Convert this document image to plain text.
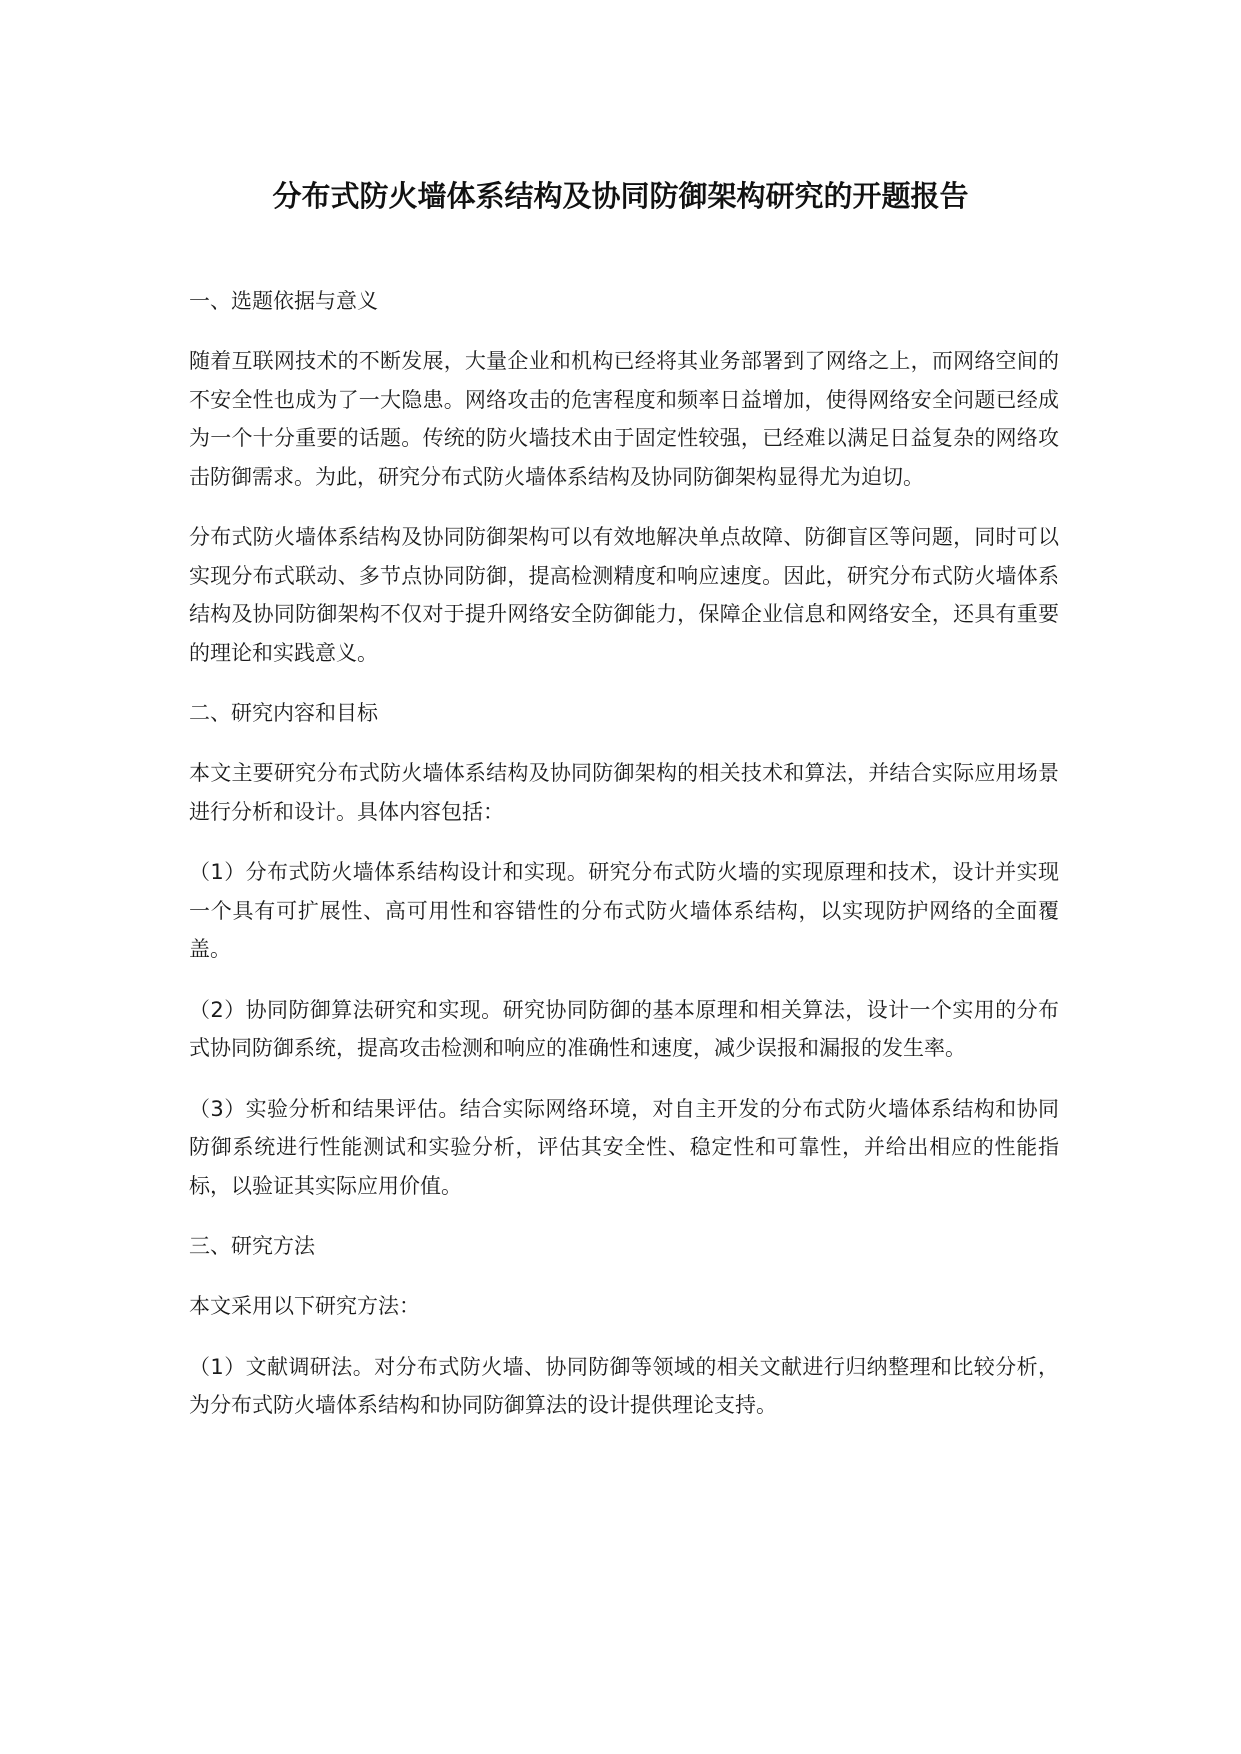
分布式防火墙体系结构及协同防御架构研究的开题报告
一、选题依据与意义
随着互联网技术的不断发展，大量企业和机构已经将其业务部署到了网络之上，而网络空间的不安全性也成为了一大隐患。网络攻击的危害程度和频率日益增加，使得网络安全问题已经成为一个十分重要的话题。传统的防火墙技术由于固定性较强，已经难以满足日益复杂的网络攻击防御需求。为此，研究分布式防火墙体系结构及协同防御架构显得尤为迫切。
分布式防火墙体系结构及协同防御架构可以有效地解决单点故障、防御盲区等问题，同时可以实现分布式联动、多节点协同防御，提高检测精度和响应速度。因此，研究分布式防火墙体系结构及协同防御架构不仅对于提升网络安全防御能力，保障企业信息和网络安全，还具有重要的理论和实践意义。
二、研究内容和目标
本文主要研究分布式防火墙体系结构及协同防御架构的相关技术和算法，并结合实际应用场景进行分析和设计。具体内容包括：
（1）分布式防火墙体系结构设计和实现。研究分布式防火墙的实现原理和技术，设计并实现一个具有可扩展性、高可用性和容错性的分布式防火墙体系结构，以实现防护网络的全面覆盖。
（2）协同防御算法研究和实现。研究协同防御的基本原理和相关算法，设计一个实用的分布式协同防御系统，提高攻击检测和响应的准确性和速度，减少误报和漏报的发生率。
（3）实验分析和结果评估。结合实际网络环境，对自主开发的分布式防火墙体系结构和协同防御系统进行性能测试和实验分析，评估其安全性、稳定性和可靠性，并给出相应的性能指标，以验证其实际应用价值。
三、研究方法
本文采用以下研究方法：
（1）文献调研法。对分布式防火墙、协同防御等领域的相关文献进行归纳整理和比较分析，为分布式防火墙体系结构和协同防御算法的设计提供理论支持。
